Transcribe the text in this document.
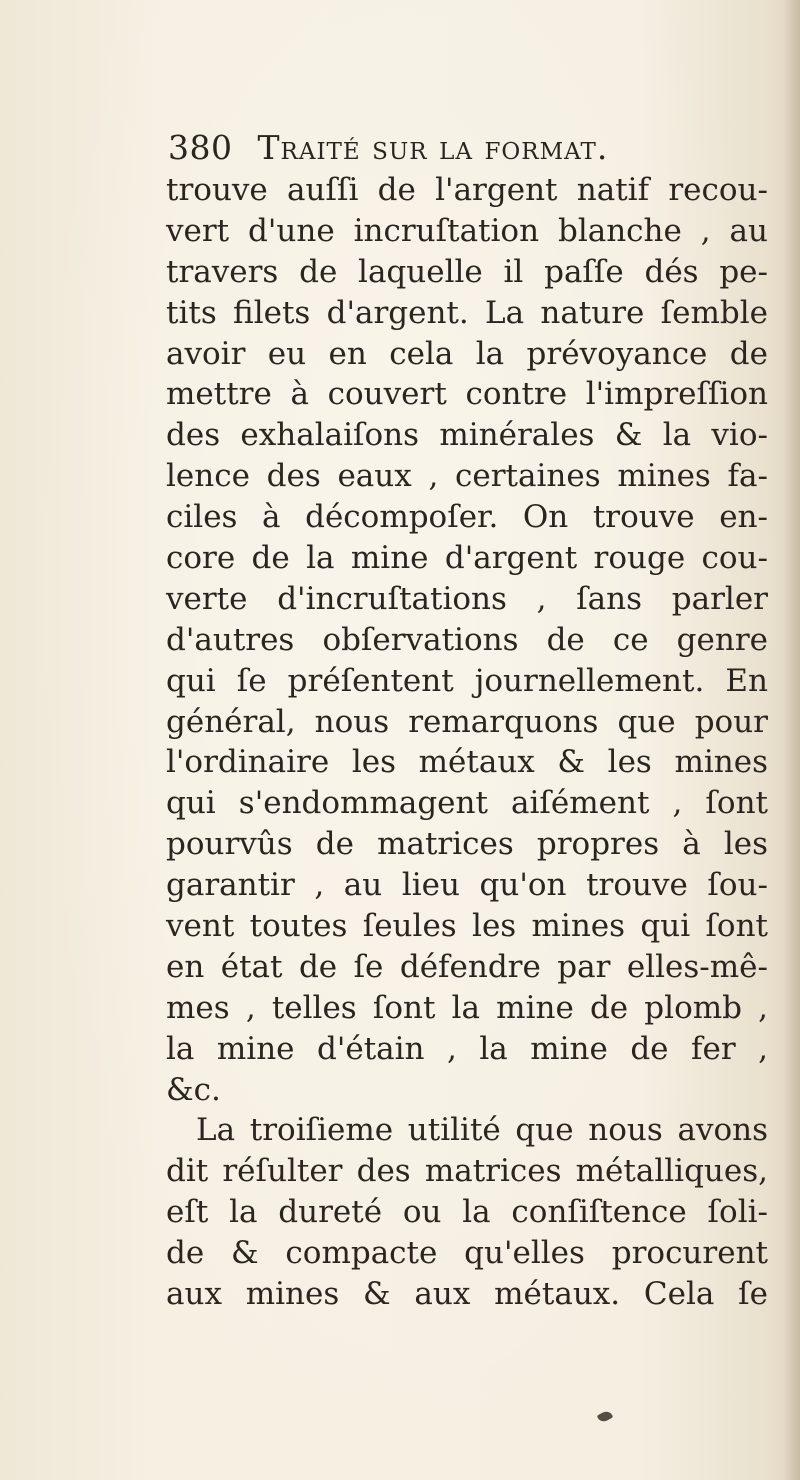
380 Traité sur la format.
trouve auſſi de l'argent natif recou-
vert d'une incruſtation blanche , au
travers de laquelle il paſſe dés pe-
tits filets d'argent. La nature ſemble
avoir eu en cela la prévoyance de
mettre à couvert contre l'impreſſion
des exhalaiſons minérales & la vio-
lence des eaux , certaines mines fa-
ciles à décompoſer. On trouve en-
core de la mine d'argent rouge cou-
verte d'incruſtations , ſans parler
d'autres obſervations de ce genre
qui ſe préſentent journellement. En
général, nous remarquons que pour
l'ordinaire les métaux & les mines
qui s'endommagent aiſément , ſont
pourvûs de matrices propres à les
garantir , au lieu qu'on trouve ſou-
vent toutes ſeules les mines qui ſont
en état de ſe défendre par elles-mê-
mes , telles ſont la mine de plomb ,
la mine d'étain , la mine de fer ,
&c.
La troiſieme utilité que nous avons
dit réſulter des matrices métalliques,
eſt la dureté ou la conſiſtence ſoli-
de & compacte qu'elles procurent
aux mines & aux métaux. Cela ſe
